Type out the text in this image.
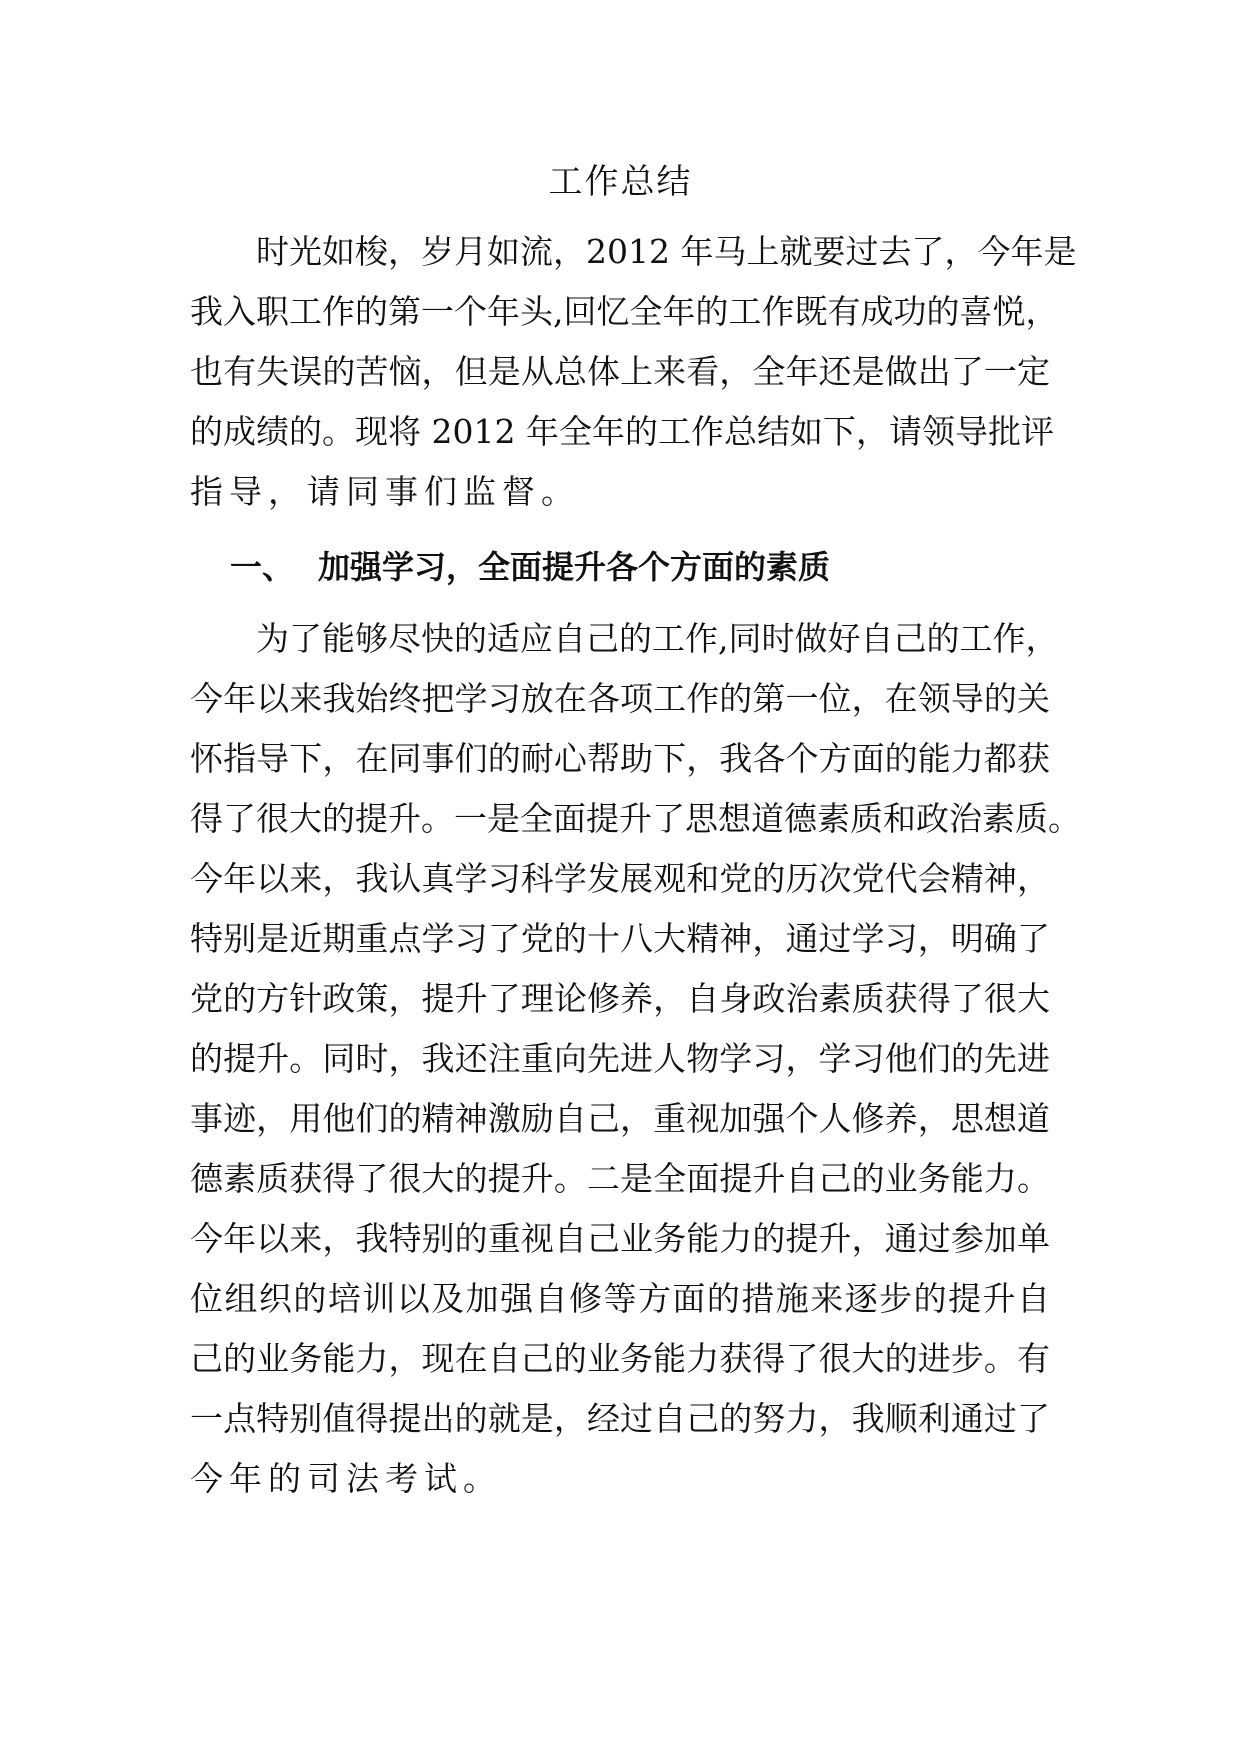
工作总结
时光如梭，岁月如流，2012 年马上就要过去了，今年是
我入职工作的第一个年头,回忆全年的工作既有成功的喜悦，
也有失误的苦恼，但是从总体上来看，全年还是做出了一定
的成绩的。现将 2012 年全年的工作总结如下，请领导批评
指导，请同事们监督。
一、 加强学习，全面提升各个方面的素质
为了能够尽快的适应自己的工作,同时做好自己的工作，
今年以来我始终把学习放在各项工作的第一位，在领导的关
怀指导下，在同事们的耐心帮助下，我各个方面的能力都获
得了很大的提升。一是全面提升了思想道德素质和政治素质。
今年以来，我认真学习科学发展观和党的历次党代会精神，
特别是近期重点学习了党的十八大精神，通过学习，明确了
党的方针政策，提升了理论修养，自身政治素质获得了很大
的提升。同时，我还注重向先进人物学习，学习他们的先进
事迹，用他们的精神激励自己，重视加强个人修养，思想道
德素质获得了很大的提升。二是全面提升自己的业务能力。
今年以来，我特别的重视自己业务能力的提升，通过参加单
位组织的培训以及加强自修等方面的措施来逐步的提升自
己的业务能力，现在自己的业务能力获得了很大的进步。有
一点特别值得提出的就是，经过自己的努力，我顺利通过了
今年的司法考试。
